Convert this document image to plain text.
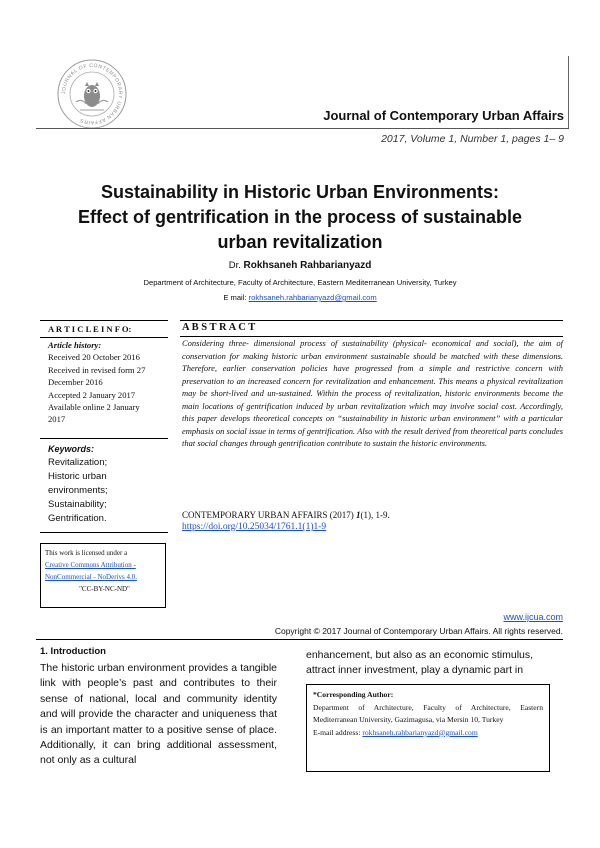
JOURNAL OF CONTEMPORARY URBAN AFFAIRS	Journal of Contemporary Urban Affairs
2017, Volume 1, Number 1, pages 1– 9
Sustainability in Historic Urban Environments:
Effect of gentrification in the process of sustainable
urban revitalization
Dr. Rokhsaneh Rahbarianyazd
Department of Architecture, Faculty of Architecture, Eastern Mediterranean University, Turkey
E mail: rokhsaneh.rahbarianyazd@gmail.com
A R T I C L E I N F O:
Article history:
Received 20 October 2016
Received in revised form 27
December 2016
Accepted 2 January 2017
Available online 2 January
2017
Keywords:
Revitalization;
Historic urban
environments;
Sustainability;
Gentrification.
This work is licensed under a
Creative Commons Attribution -
NonCommercial - NoDerivs 4.0.
"CC-BY-NC-ND"
A B S T R A C T
Considering three- dimensional process of sustainability (physical- economical and social), the aim of conservation for making historic urban environment sustainable should be matched with these dimensions. Therefore, earlier conservation policies have progressed from a simple and restrictive concern with preservation to an increased concern for revitalization and enhancement. This means a physical revitalization may be short-lived and un-sustained. Within the process of revitalization, historic environments become the main locations of gentrification induced by urban revitalization which may involve social cost. Accordingly, this paper develops theoretical concepts on “sustainability in historic urban environment” with a particular emphasis on social issue in terms of gentrification. Also with the result derived from theoretical parts concludes that social changes through gentrification contribute to sustain the historic environments.
CONTEMPORARY URBAN AFFAIRS (2017) 1(1), 1-9.
https://doi.org/10.25034/1761.1(1)1-9
www.ijcua.com
Copyright © 2017 Journal of Contemporary Urban Affairs. All rights reserved.
1. Introduction
The historic urban environment provides a tangible link with people’s past and contributes to their sense of national, local and community identity and will provide the character and uniqueness that is an important matter to a positive sense of place. Additionally, it can bring additional assessment, not only as a cultural
enhancement, but also as an economic stimulus,
attract inner investment, play a dynamic part in
*Corresponding Author:
Department of Architecture, Faculty of Architecture, Eastern Mediterranean University, Gazimagusa, via Mersin 10, Turkey
E-mail address: rokhsaneh.rahbarianyazd@gmail.com
